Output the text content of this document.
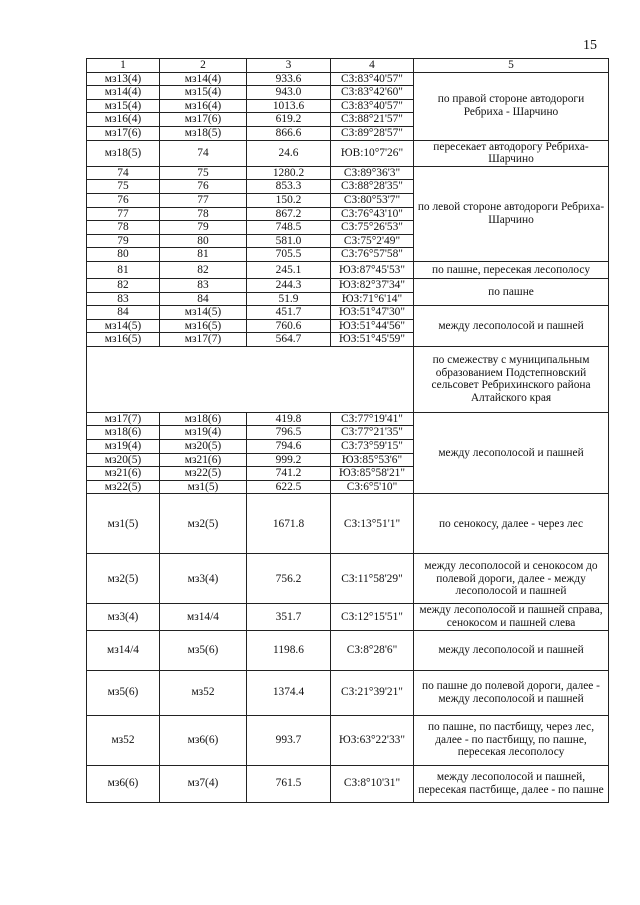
15
1	2	3	4	5
мз13(4)	мз14(4)	933.6	СЗ:83°40'57"	по правой стороне автодороги Ребриха - Шарчино
мз14(4)	мз15(4)	943.0	СЗ:83°42'60"	
мз15(4)	мз16(4)	1013.6	СЗ:83°40'57"	
мз16(4)	мз17(6)	619.2	СЗ:88°21'57"	
мз17(6)	мз18(5)	866.6	СЗ:89°28'57"	
мз18(5)	74	24.6	ЮВ:10°7'26"	пересекает автодорогу Ребриха-Шарчино
74	75	1280.2	СЗ:89°36'3"	по левой стороне автодороги Ребриха-Шарчино
75	76	853.3	СЗ:88°28'35"	
76	77	150.2	СЗ:80°53'7"	
77	78	867.2	СЗ:76°43'10"	
78	79	748.5	СЗ:75°26'53"	
79	80	581.0	СЗ:75°2'49"	
80	81	705.5	СЗ:76°57'58"	
81	82	245.1	ЮЗ:87°45'53"	по пашне, пересекая лесополосу
82	83	244.3	ЮЗ:82°37'34"	по пашне
83	84	51.9	ЮЗ:71°6'14"	
84	мз14(5)	451.7	ЮЗ:51°47'30"	между лесополосой и пашней
мз14(5)	мз16(5)	760.6	ЮЗ:51°44'56"	
мз16(5)	мз17(7)	564.7	ЮЗ:51°45'59"	
				по смежеству с муниципальным образованием Подстепновский сельсовет Ребрихинского района Алтайского края
мз17(7)	мз18(6)	419.8	СЗ:77°19'41"	между лесополосой и пашней
мз18(6)	мз19(4)	796.5	СЗ:77°21'35"	
мз19(4)	мз20(5)	794.6	СЗ:73°59'15"	
мз20(5)	мз21(6)	999.2	ЮЗ:85°53'6"	
мз21(6)	мз22(5)	741.2	ЮЗ:85°58'21"	
мз22(5)	мз1(5)	622.5	СЗ:6°5'10"	
мз1(5)	мз2(5)	1671.8	СЗ:13°51'1"	по сенокосу, далее - через лес
мз2(5)	мз3(4)	756.2	СЗ:11°58'29"	между лесополосой и сенокосом до полевой дороги, далее - между лесополосой и пашней
мз3(4)	мз14/4	351.7	СЗ:12°15'51"	между лесополосой и пашней справа, сенокосом и пашней слева
мз14/4	мз5(6)	1198.6	СЗ:8°28'6"	между лесополосой и пашней
мз5(6)	мз52	1374.4	СЗ:21°39'21"	по пашне до полевой дороги, далее - между лесополосой и пашней
мз52	мз6(6)	993.7	ЮЗ:63°22'33"	по пашне, по пастбищу, через лес, далее - по пастбищу, по пашне, пересекая лесополосу
мз6(6)	мз7(4)	761.5	СЗ:8°10'31"	между лесополосой и пашней, пересекая пастбище, далее - по пашне
